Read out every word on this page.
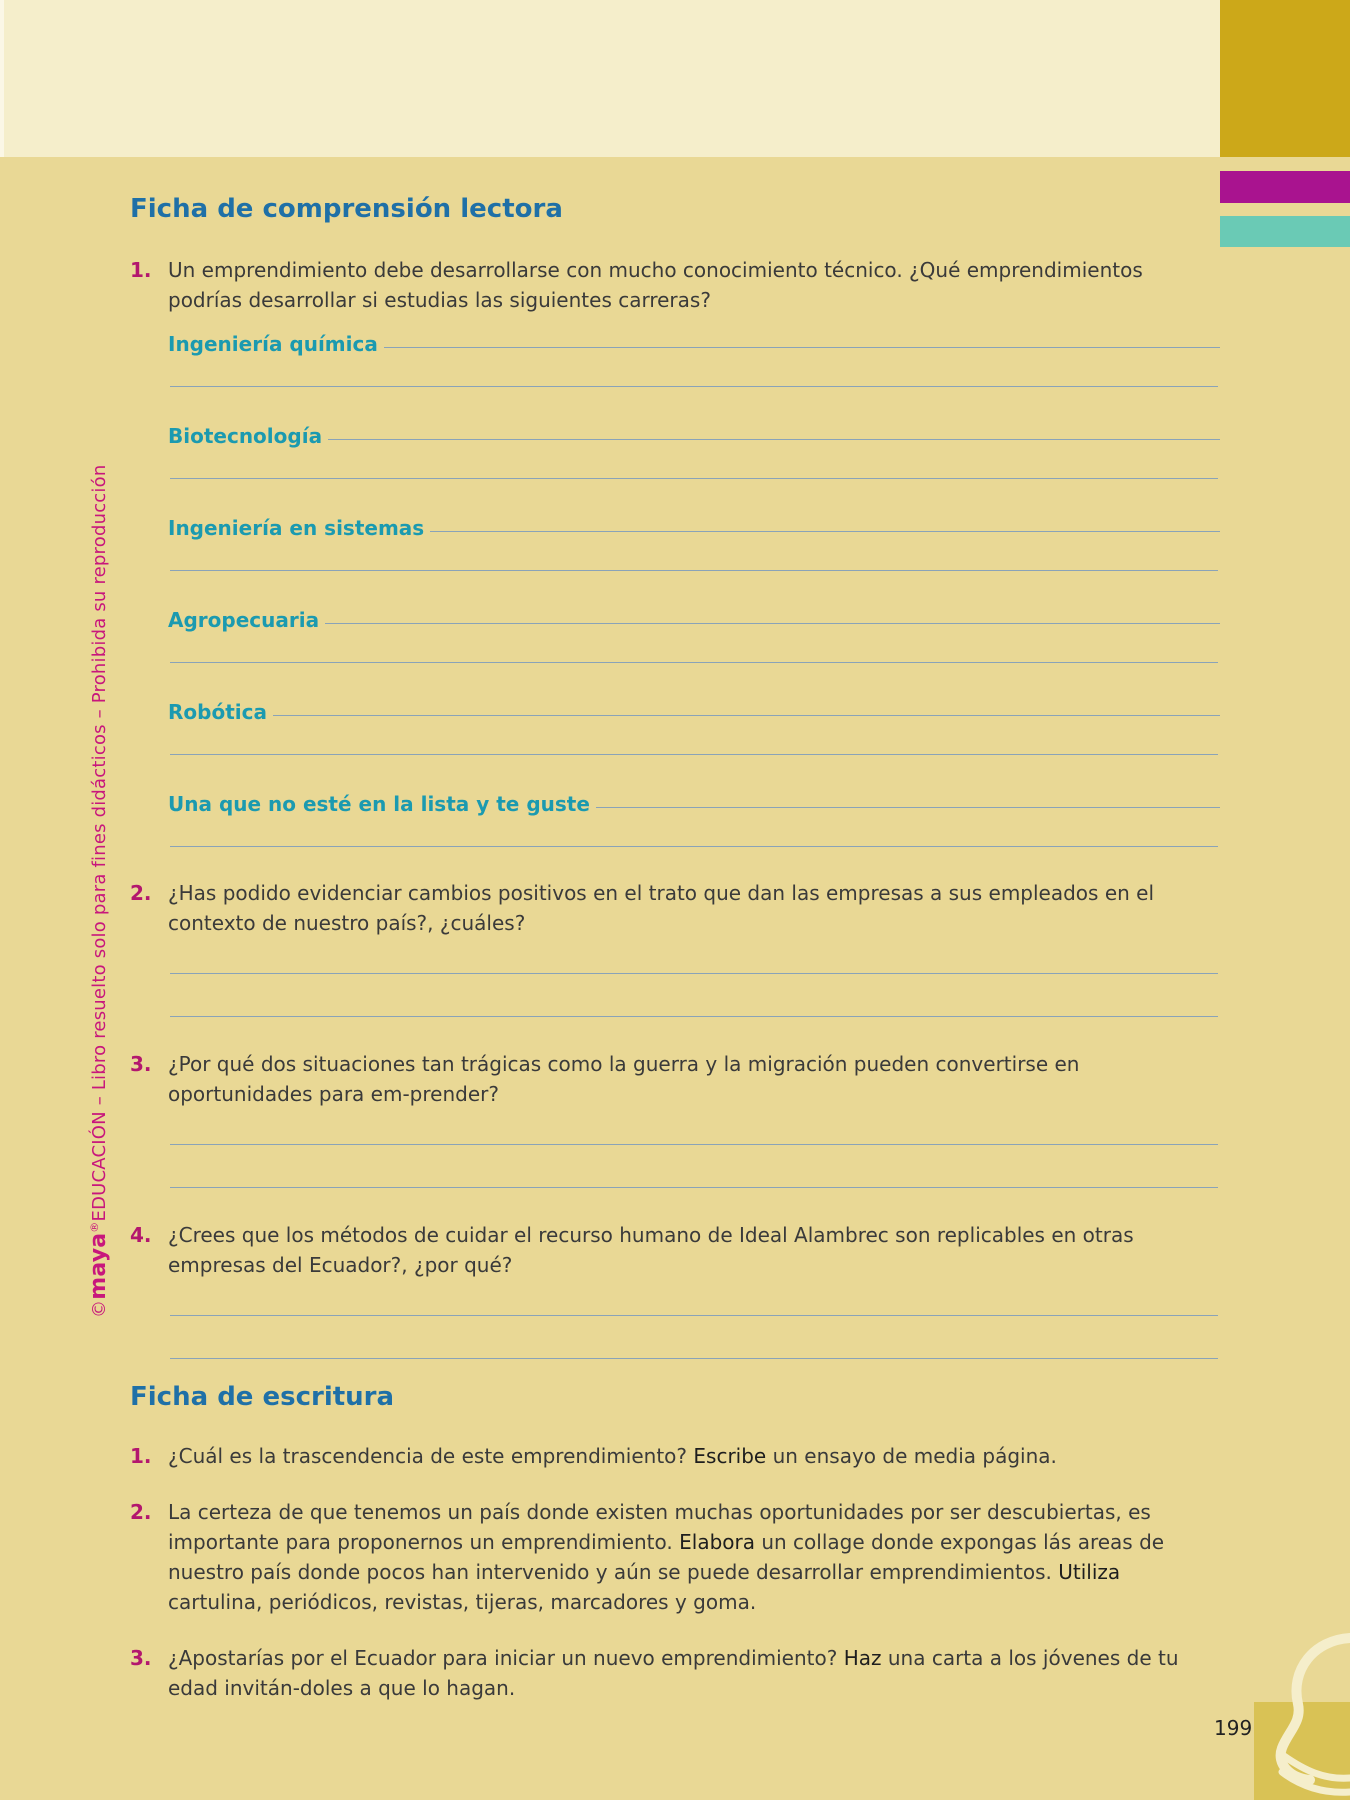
©maya®EDUCACIÓN – Libro resuelto solo para fines didácticos – Prohibida su reproducción
Ficha de comprensión lectora
1. Un emprendimiento debe desarrollarse con mucho conocimiento técnico. ¿Qué emprendimientos podrías desarrollar si estudias las siguientes carreras?
Ingeniería química
Biotecnología
Ingeniería en sistemas
Agropecuaria
Robótica
Una que no esté en la lista y te guste
2. ¿Has podido evidenciar cambios positivos en el trato que dan las empresas a sus empleados en el contexto de nuestro país?, ¿cuáles?
3. ¿Por qué dos situaciones tan trágicas como la guerra y la migración pueden convertirse en oportunidades para em-prender?
4. ¿Crees que los métodos de cuidar el recurso humano de Ideal Alambrec son replicables en otras empresas del Ecuador?, ¿por qué?
Ficha de escritura
1. ¿Cuál es la trascendencia de este emprendimiento? Escribe un ensayo de media página.
2. La certeza de que tenemos un país donde existen muchas oportunidades por ser descubiertas, es importante para proponernos un emprendimiento. Elabora un collage donde expongas lás areas de nuestro país donde pocos han intervenido y aún se puede desarrollar emprendimientos. Utiliza cartulina, periódicos, revistas, tijeras, marcadores y goma.
3. ¿Apostarías por el Ecuador para iniciar un nuevo emprendimiento? Haz una carta a los jóvenes de tu edad invitán-doles a que lo hagan.
199
